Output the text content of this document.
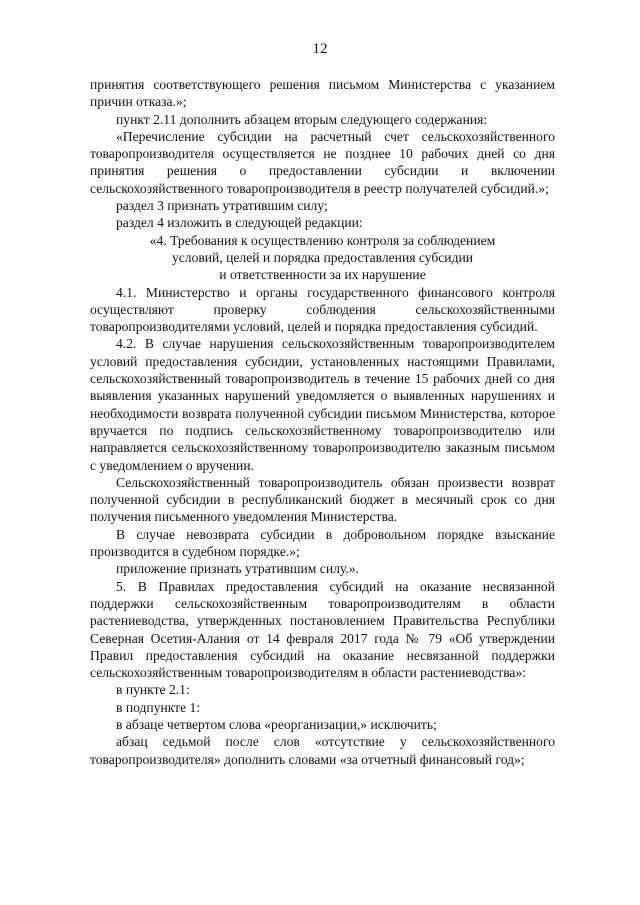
12

принятия соответствующего решения письмом Министерства с указанием причин отказа.»;

пункт 2.11 дополнить абзацем вторым следующего содержания:

«Перечисление субсидии на расчетный счет сельскохозяйственного товаропроизводителя осуществляется не позднее 10 рабочих дней со дня принятия решения о предоставлении субсидии и включении сельскохозяйственного товаропроизводителя в реестр получателей субсидий.»;

раздел 3 признать утратившим силу;

раздел 4 изложить в следующей редакции:

«4. Требования к осуществлению контроля за соблюдением

условий, целей и порядка предоставления субсидии

и ответственности за их нарушение

4.1. Министерство и органы государственного финансового контроля осуществляют проверку соблюдения сельскохозяйственными товаропроизводителями условий, целей и порядка предоставления субсидий.

4.2. В случае нарушения сельскохозяйственным товаропроизводителем условий предоставления субсидии, установленных настоящими Правилами, сельскохозяйственный товаропроизводитель в течение 15 рабочих дней со дня выявления указанных нарушений уведомляется о выявленных нарушениях и необходимости возврата полученной субсидии письмом Министерства, которое вручается по подпись сельскохозяйственному товаропроизводителю или направляется сельскохозяйственному товаропроизводителю заказным письмом с уведомлением о вручении.

Сельскохозяйственный товаропроизводитель обязан произвести возврат полученной субсидии в республиканский бюджет в месячный срок со дня получения письменного уведомления Министерства.

В случае невозврата субсидии в добровольном порядке взыскание производится в судебном порядке.»;

приложение признать утратившим силу.».

5. В Правилах предоставления субсидий на оказание несвязанной поддержки сельскохозяйственным товаропроизводителям в области растениеводства, утвержденных постановлением Правительства Республики Северная Осетия-Алания от 14 февраля 2017 года № 79 «Об утверждении Правил предоставления субсидий на оказание несвязанной поддержки сельскохозяйственным товаропроизводителям в области растениеводства»:

в пункте 2.1:

в подпункте 1:

в абзаце четвертом слова «реорганизации,» исключить;

абзац седьмой после слов «отсутствие у сельскохозяйственного товаропроизводителя» дополнить словами «за отчетный финансовый год»;
